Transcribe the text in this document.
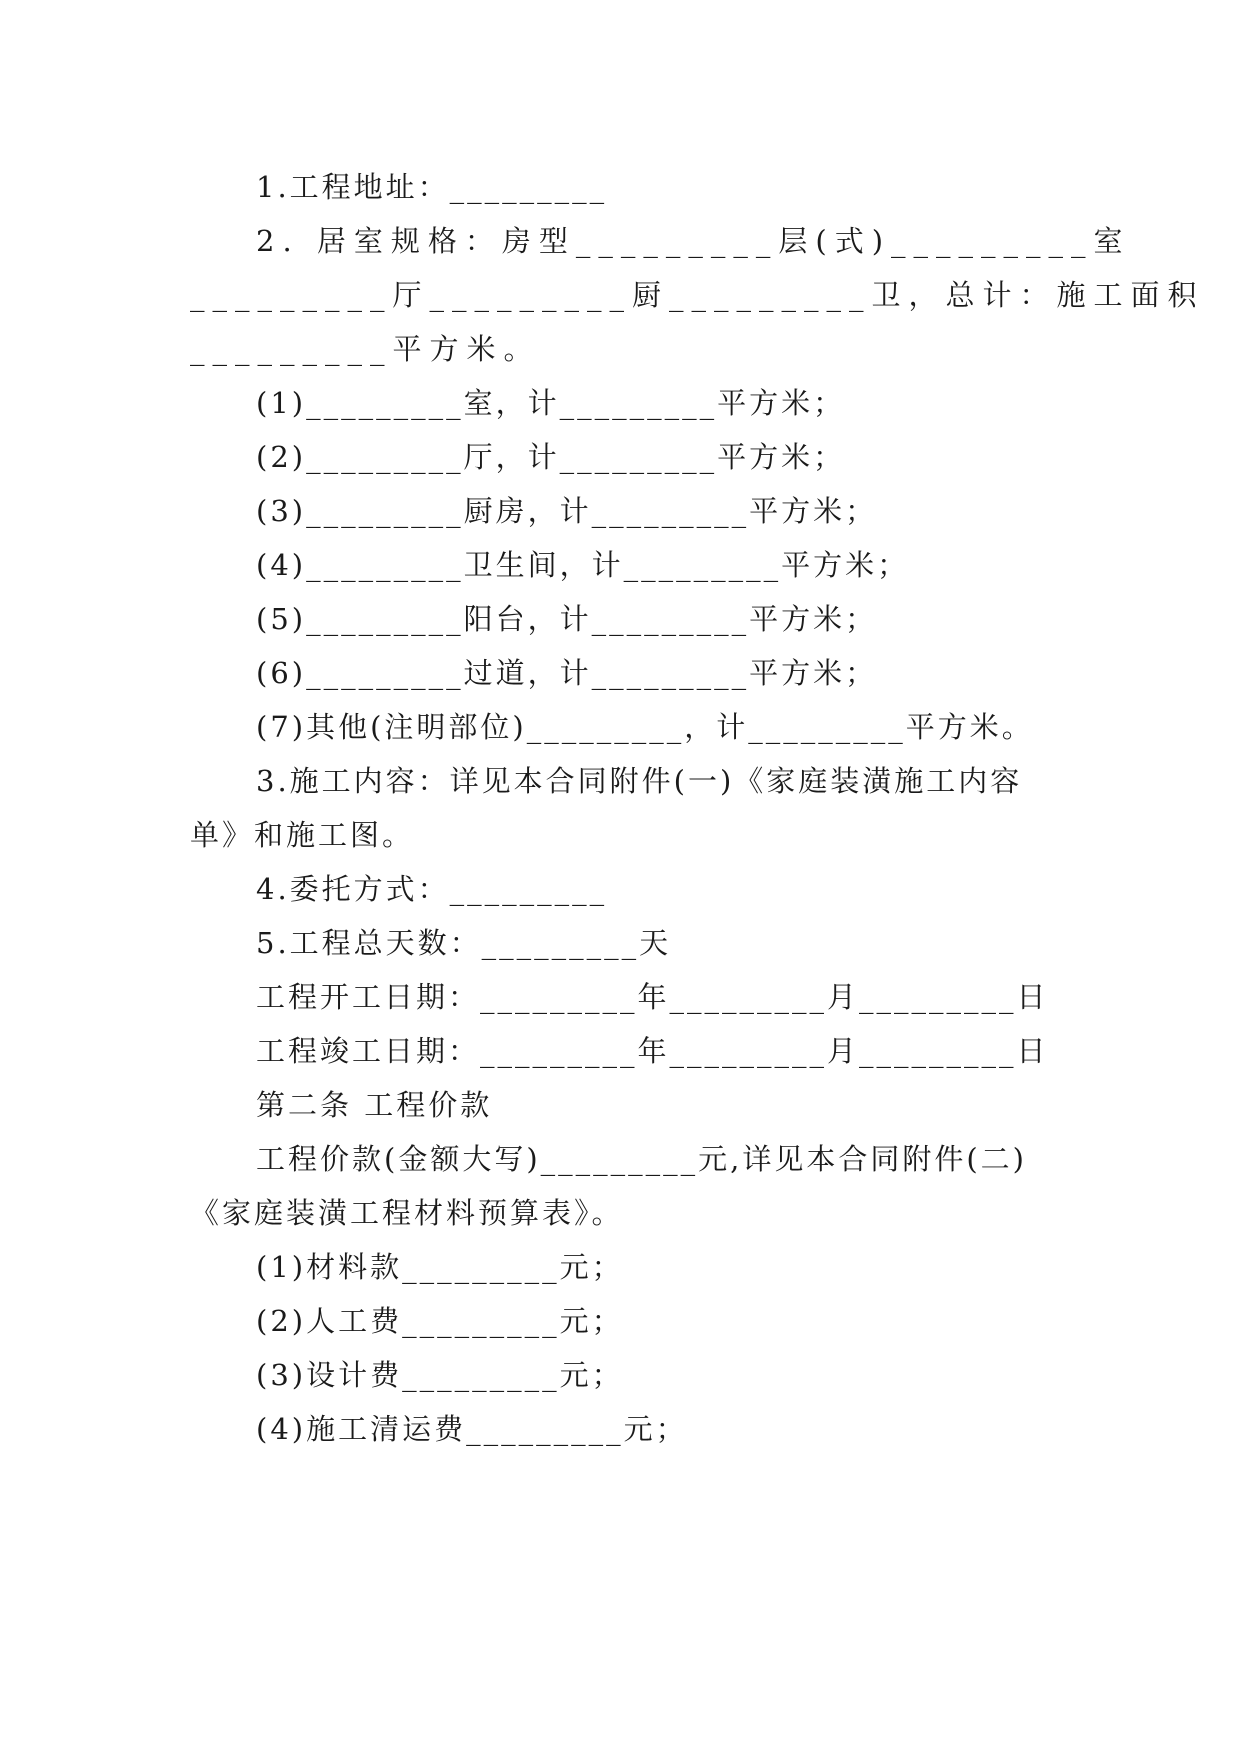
1.工程地址：_________
2. 居室规格：房型_________层(式)_________室
_________厅_________厨_________卫，总计：施工面积
_________平方米。
(1)_________室，计_________平方米；
(2)_________厅，计_________平方米；
(3)_________厨房，计_________平方米；
(4)_________卫生间，计_________平方米；
(5)_________阳台，计_________平方米；
(6)_________过道，计_________平方米；
(7)其他(注明部位)_________，计_________平方米。
3.施工内容：详见本合同附件(一)《家庭装潢施工内容
单》和施工图。
4.委托方式：_________
5.工程总天数：_________天
工程开工日期：_________年_________月_________日
工程竣工日期：_________年_________月_________日
第二条 工程价款
工程价款(金额大写)_________元,详见本合同附件(二)
《家庭装潢工程材料预算表》。
(1)材料款_________元；
(2)人工费_________元；
(3)设计费_________元；
(4)施工清运费_________元；
